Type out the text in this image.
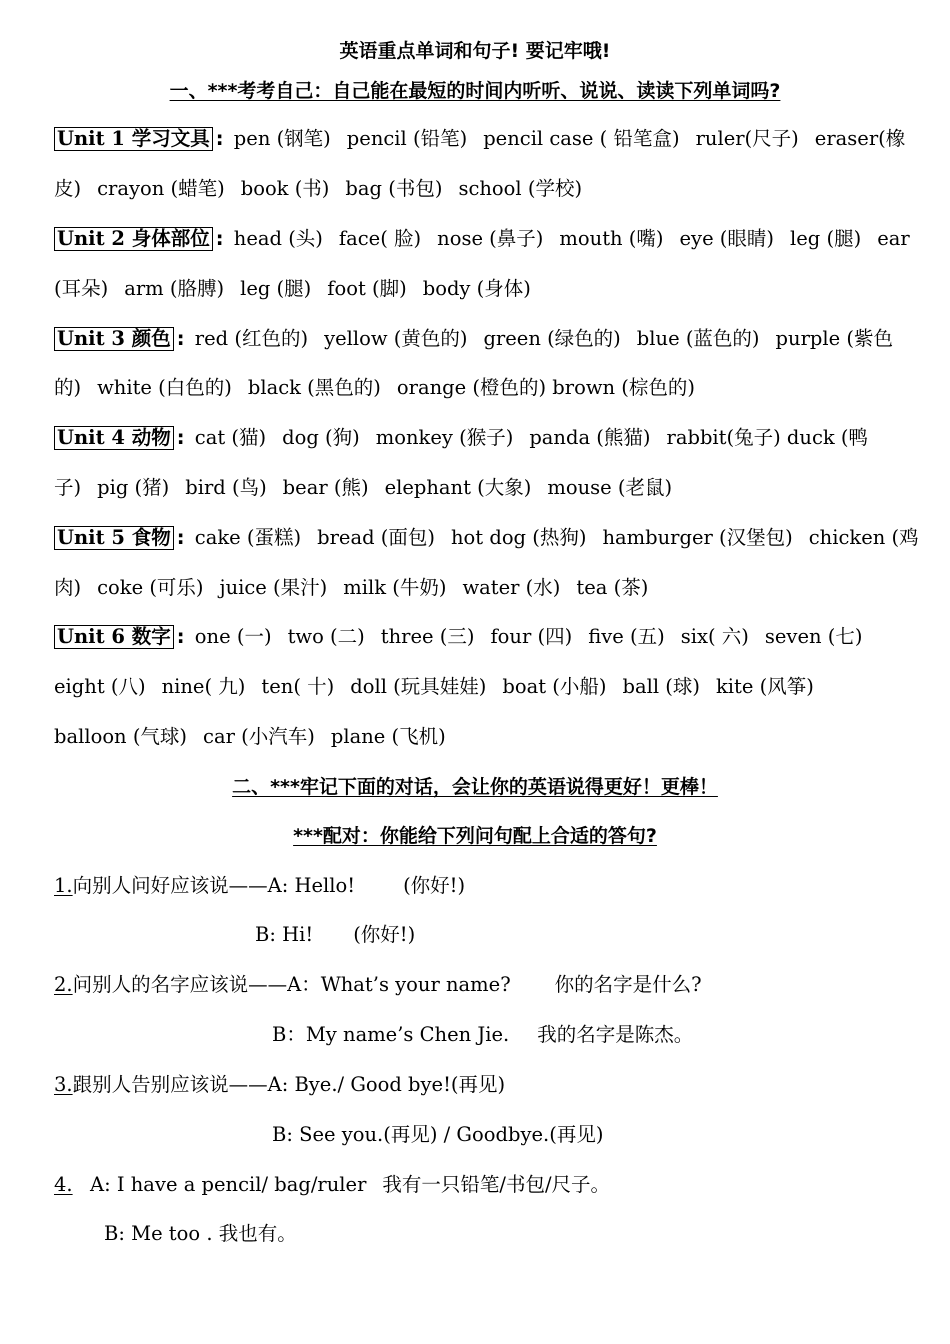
英语重点单词和句子! 要记牢哦!
一、***考考自己：自己能在最短的时间内听听、说说、读读下列单词吗?
Unit 1 学习文具 : pen (钢笔) pencil (铅笔) pencil case ( 铅笔盒) ruler(尺子) eraser(橡
皮) crayon (蜡笔) book (书) bag (书包) school (学校)
Unit 2 身体部位 : head (头) face( 脸) nose (鼻子) mouth (嘴) eye (眼睛) leg (腿) ear
(耳朵) arm (胳膊) leg (腿) foot (脚) body (身体)
Unit 3 颜色 : red (红色的) yellow (黄色的) green (绿色的) blue (蓝色的) purple (紫色
的) white (白色的) black (黑色的) orange (橙色的) brown (棕色的)
Unit 4 动物 : cat (猫) dog (狗) monkey (猴子) panda (熊猫) rabbit(兔子) duck (鸭
子) pig (猪) bird (鸟) bear (熊) elephant (大象) mouse (老鼠)
Unit 5 食物 : cake (蛋糕) bread (面包) hot dog (热狗) hamburger (汉堡包) chicken (鸡
肉) coke (可乐) juice (果汁) milk (牛奶) water (水) tea (茶)
Unit 6 数字 : one (一) two (二) three (三) four (四) five (五) six( 六) seven (七)
eight (八) nine( 九) ten( 十) doll (玩具娃娃) boat (小船) ball (球) kite (风筝)
balloon (气球) car (小汽车) plane (飞机)
二、***牢记下面的对话，会让你的英语说得更好！更棒！
***配对：你能给下列问句配上合适的答句?
1.向别人问好应该说——A: Hello! (你好!)
B: Hi! (你好!)
2.问别人的名字应该说——A：What’s your name? 你的名字是什么?
B：My name’s Chen Jie. 我的名字是陈杰。
3.跟别人告别应该说——A: Bye./ Good bye!(再见)
B: See you.(再见) / Goodbye.(再见)
4. A: I have a pencil/ bag/ruler 我有一只铅笔/书包/尺子。
B: Me too . 我也有。
